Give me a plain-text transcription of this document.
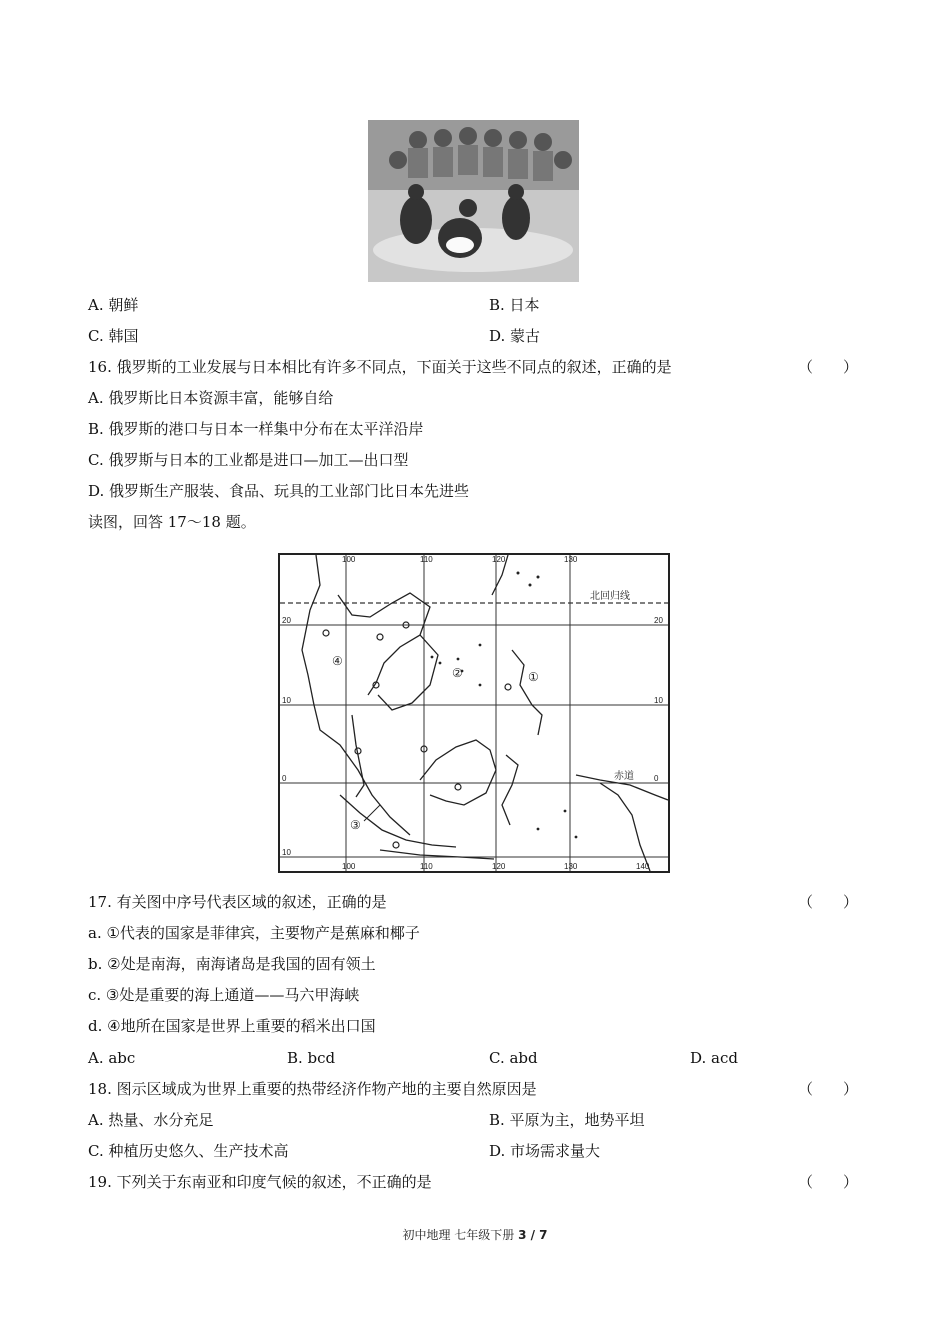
A. 朝鲜	B. 日本
C. 韩国	D. 蒙古
16. 俄罗斯的工业发展与日本相比有许多不同点，下面关于这些不同点的叙述，正确的是	（　　）
A. 俄罗斯比日本资源丰富，能够自给
B. 俄罗斯的港口与日本一样集中分布在太平洋沿岸
C. 俄罗斯与日本的工业都是进口—加工—出口型
D. 俄罗斯生产服装、食品、玩具的工业部门比日本先进些
读图，回答 17～18 题。
100	110	120	130
100	110	120	130	140
20
10
0
10
20
10
0
北回归线
赤道
①
②
③
④
17. 有关图中序号代表区域的叙述，正确的是	（　　）
a. ①代表的国家是菲律宾，主要物产是蕉麻和椰子
b. ②处是南海，南海诸岛是我国的固有领土
c. ③处是重要的海上通道——马六甲海峡
d. ④地所在国家是世界上重要的稻米出口国
A. abc	B. bcd	C. abd	D. acd
18. 图示区域成为世界上重要的热带经济作物产地的主要自然原因是	（　　）
A. 热量、水分充足	B. 平原为主，地势平坦
C. 种植历史悠久、生产技术高	D. 市场需求量大
19. 下列关于东南亚和印度气候的叙述，不正确的是	（　　）
初中地理 七年级下册 3 / 7
